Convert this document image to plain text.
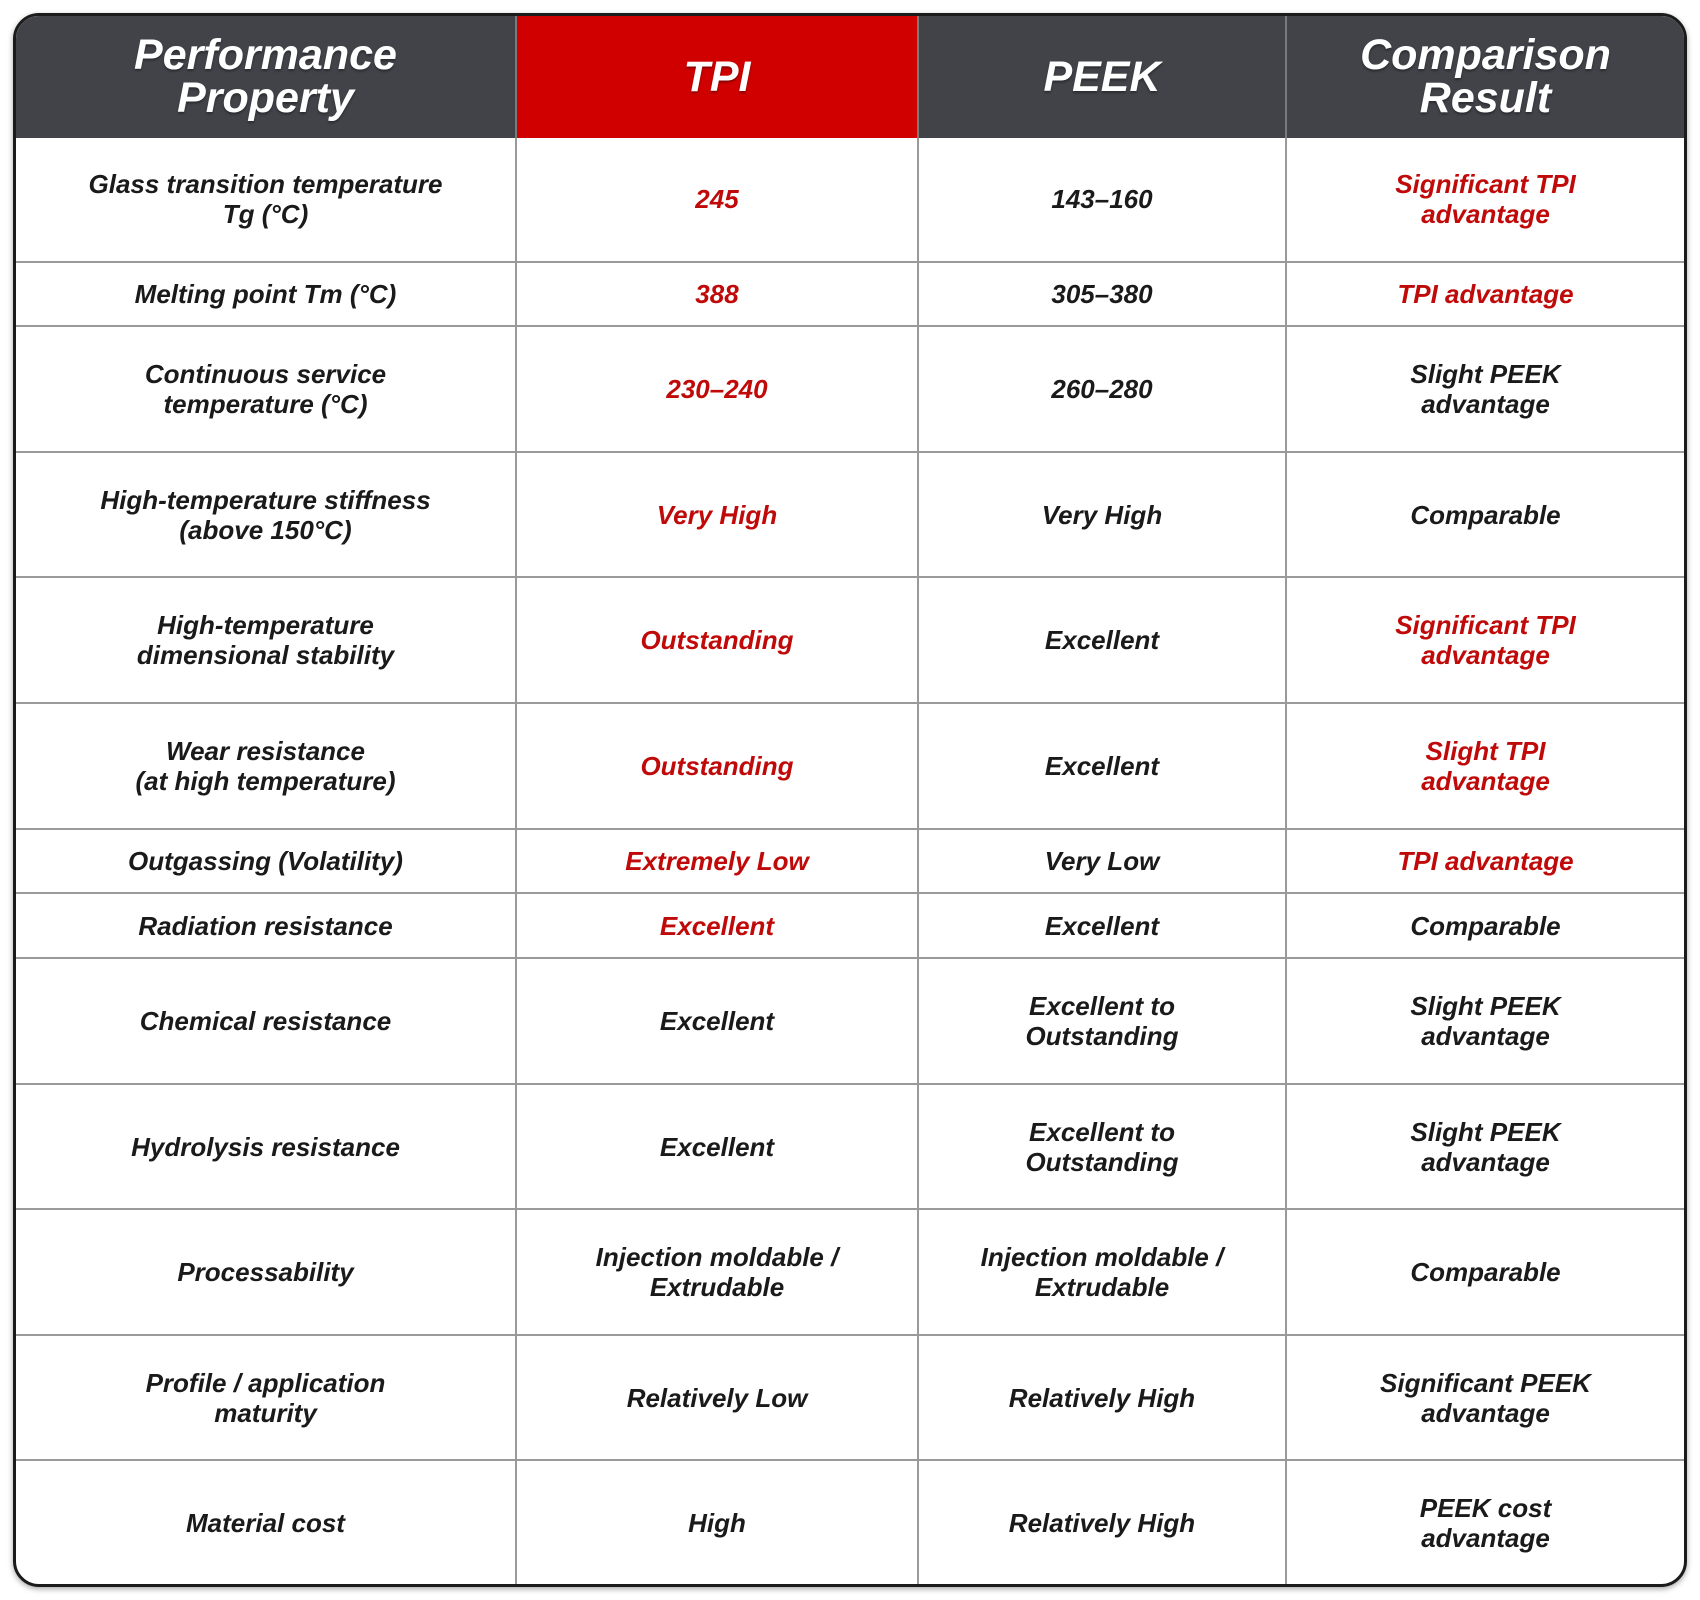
Performance
Property	TPI	PEEK	Comparison
Result

Glass transition temperature
Tg (°C)	245	143–160	Significant TPI
advantage

Melting point Tm (°C)	388	305–380	TPI advantage

Continuous service
temperature (°C)	230–240	260–280	Slight PEEK
advantage

High-temperature stiffness
(above 150°C)	Very High	Very High	Comparable

High-temperature
dimensional stability	Outstanding	Excellent	Significant TPI
advantage

Wear resistance
(at high temperature)	Outstanding	Excellent	Slight TPI
advantage

Outgassing (Volatility)	Extremely Low	Very Low	TPI advantage

Radiation resistance	Excellent	Excellent	Comparable

Chemical resistance	Excellent	Excellent to
Outstanding	Slight PEEK
advantage

Hydrolysis resistance	Excellent	Excellent to
Outstanding	Slight PEEK
advantage

Processability	Injection moldable /
Extrudable	Injection moldable /
Extrudable	Comparable

Profile / application
maturity	Relatively Low	Relatively High	Significant PEEK
advantage

Material cost	High	Relatively High	PEEK cost
advantage
